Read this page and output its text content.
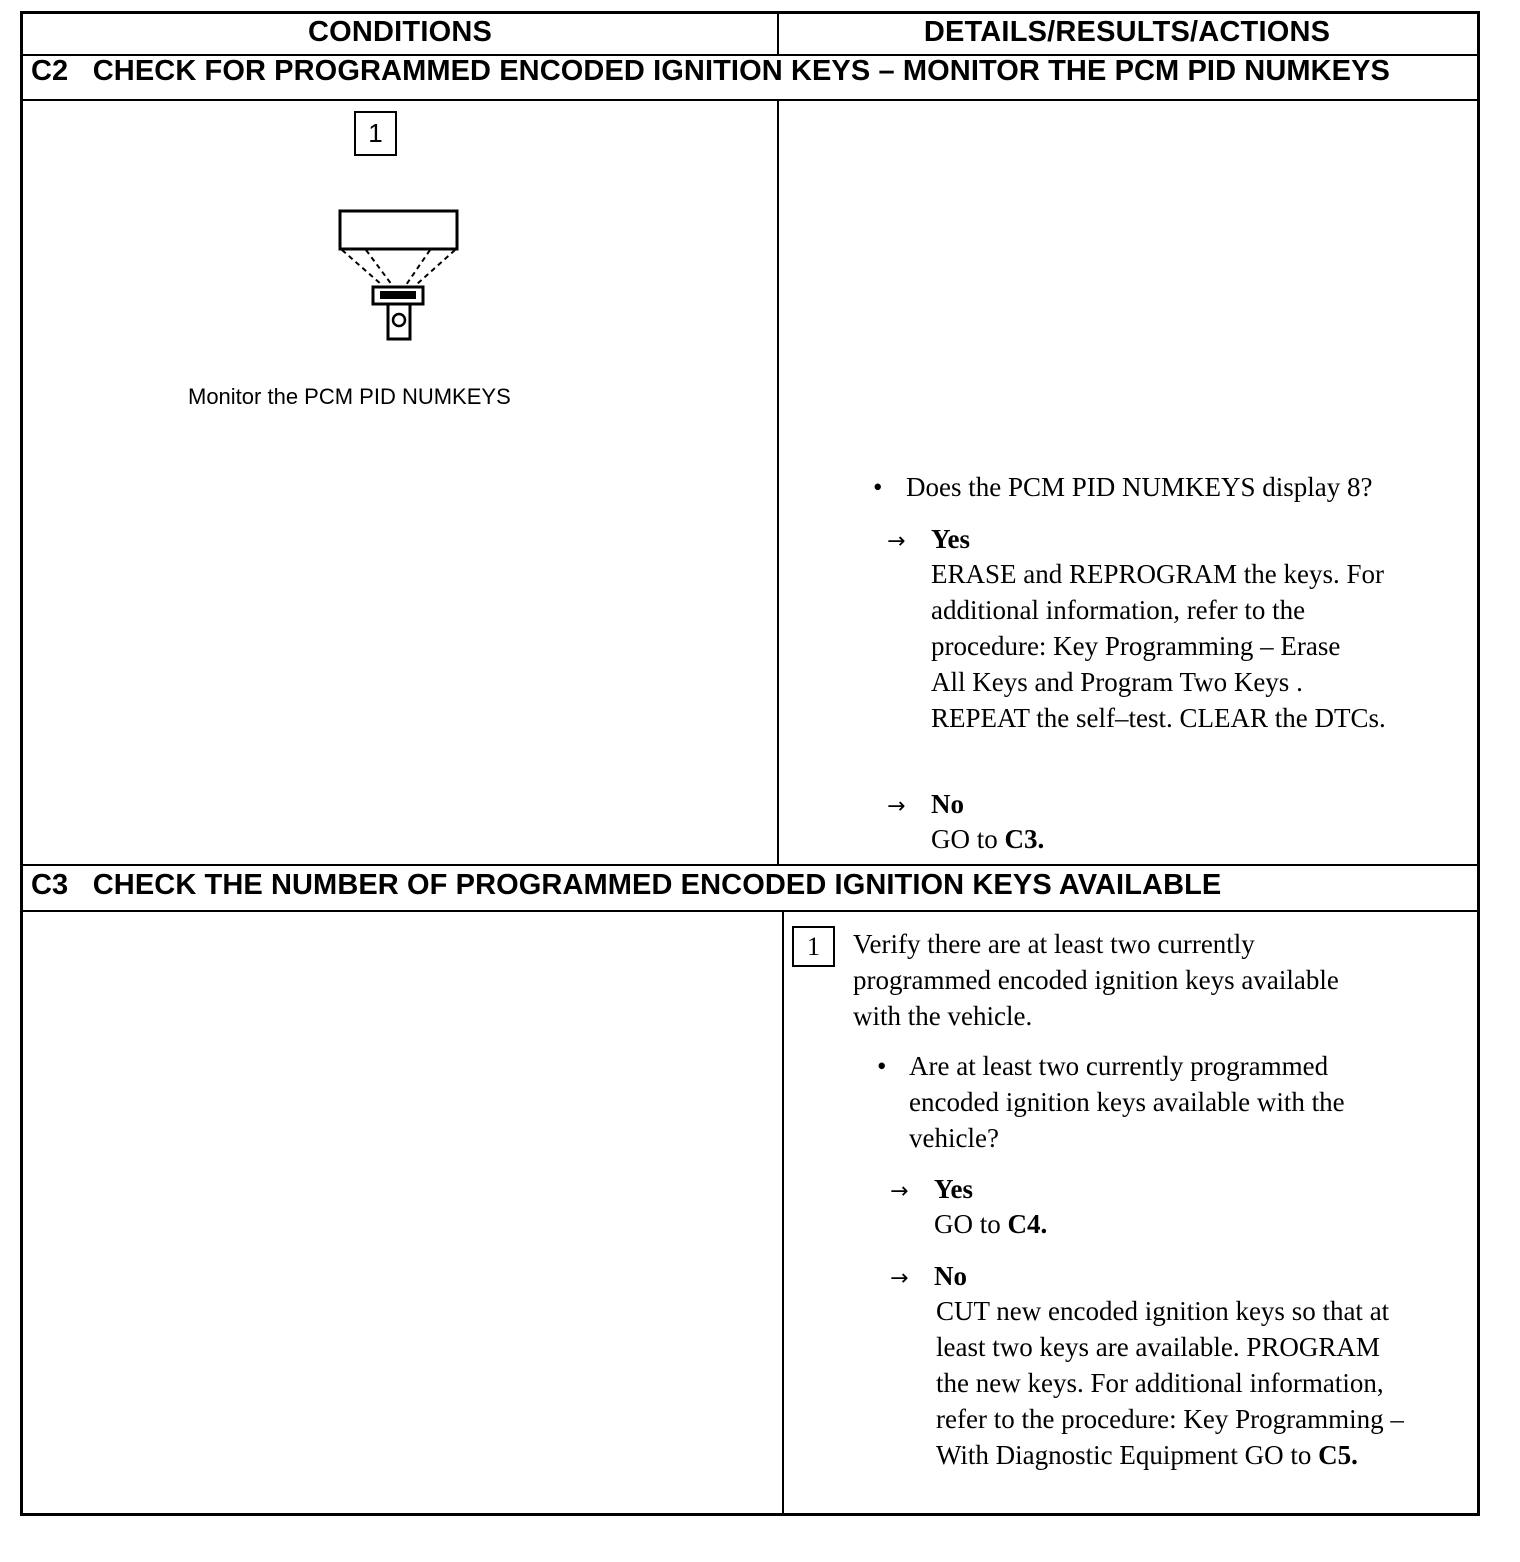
CONDITIONS	DETAILS/RESULTS/ACTIONS
C2   CHECK FOR PROGRAMMED ENCODED IGNITION KEYS – MONITOR THE PCM PID NUMKEYS
1
Monitor the PCM PID NUMKEYS
• Does the PCM PID NUMKEYS display 8?
→ Yes
ERASE and REPROGRAM the keys. For
additional information, refer to the
procedure: Key Programming – Erase
All Keys and Program Two Keys .
REPEAT the self–test. CLEAR the DTCs.
→ No
GO to C3.
C3   CHECK THE NUMBER OF PROGRAMMED ENCODED IGNITION KEYS AVAILABLE
1	Verify there are at least two currently
programmed encoded ignition keys available
with the vehicle.
• Are at least two currently programmed
encoded ignition keys available with the
vehicle?
→ Yes
GO to C4.
→ No
CUT new encoded ignition keys so that at
least two keys are available. PROGRAM
the new keys. For additional information,
refer to the procedure: Key Programming –
With Diagnostic Equipment GO to C5.
